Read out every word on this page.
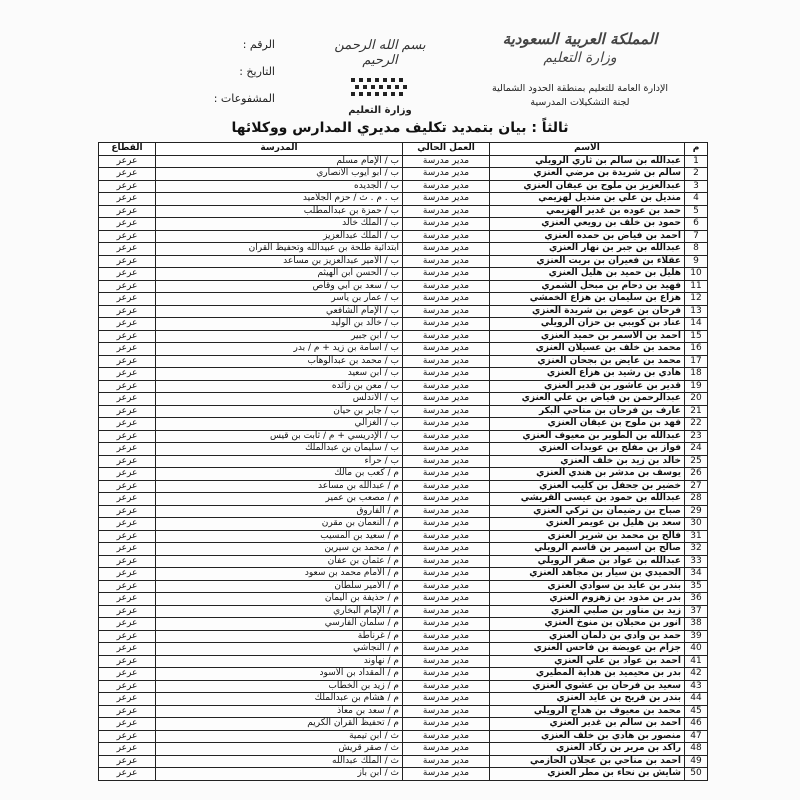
المملكة العربية السعودية
وزارة التعليم
الإدارة العامة للتعليم بمنطقة الحدود الشمالية
لجنة التشكيلات المدرسية
بسم الله الرحمن الرحيم
وزارة التعليم
الرقم :
التاريخ :
المشفوعات :
ثالثاً : بيان بتمديد تكليف مديري المدارس ووكلائها
م	الاسم	العمل الحالي	المدرسة	القطاع
1	عبدالله بن سالم بن ثاري الرويلي	مدير مدرسة	ب / الإمام مسلم	عرعر
2	سالم بن شريدة بن مرضي العنزي	مدير مدرسة	ب / أبو أيوب الأنصاري	عرعر
3	عبدالعزيز بن ملوح بن عيفان العنزي	مدير مدرسة	ب / الجديده	عرعر
4	منديل بن علي بن منديل لهزيمي	مدير مدرسة	ب . م . ث / حزم الجلاميد	عرعر
5	حمد بن عوده بن غدير الهزيمي	مدير مدرسة	ب / حمزة بن عبدالمطلب	عرعر
6	حمود بن خلف بن رويعي العنزي	مدير مدرسة	ب / الملك خالد	عرعر
7	أحمد بن فياض بن حمده العنزي	مدير مدرسة	ب / الملك عبدالعزيز	عرعر
8	عبدالله بن جبر بن نهار العنزي	مدير مدرسة	ابتدائية طلحة بن عبيدالله وتحفيظ القرآن	عرعر
9	عقلاء بن فعيران بن بريت العنزي	مدير مدرسة	ب / الأمير عبدالعزيز بن مساعد	عرعر
10	هليل بن حميد بن هليل العنزي	مدير مدرسة	ب / الحسن ابن الهيثم	عرعر
11	فهيد بن دحام بن مبحل الشمري	مدير مدرسة	ب / سعد بن أبي وقاص	عرعر
12	هزاع بن سليمان بن هزاع الخمشي	مدير مدرسة	ب / عمار بن ياسر	عرعر
13	فرحان بن عوض بن شريدة العنزي	مدير مدرسة	ب / الإمام الشافعي	عرعر
14	عناد بن كويبي بن حزان الرويلي	مدير مدرسة	ب / خالد بن الوليد	عرعر
15	أحمد بن الأسمر بن حميد العنزي	مدير مدرسة	ب / ابن جبير	عرعر
16	محمد بن خلف بن عسيلان العنزي	مدير مدرسة	ب / أسامة بن زيد + م / بدر	عرعر
17	محمد بن عايض بن بجحان العنزي	مدير مدرسة	ب / محمد بن عبدالوهاب	عرعر
18	هادي بن رشيد بن هزاع العنزي	مدير مدرسة	ب / ابن سعيد	عرعر
19	قدير بن عاشور بن قدير العنزي	مدير مدرسة	ب / معن بن زائده	عرعر
20	عبدالرحمن بن فياض بن علي العنزي	مدير مدرسة	ب / الأندلس	عرعر
21	عارف بن فرحان بن مناحي البكر	مدير مدرسة	ب / جابر بن حيان	عرعر
22	فهد بن ملوح بن عيفان العنزي	مدير مدرسة	ب / الغزالي	عرعر
23	عبدالله بن الطوير بن معيوف العنزي	مدير مدرسة	ب / الإدريسي + م / ثابت بن قيس	عرعر
24	فواز بن مفلح بن عويدات العنزي	مدير مدرسة	ب / سليمان بن عبدالملك	عرعر
25	خالد بن زيد بن خلف العنزي	مدير مدرسة	ب / حراء	عرعر
26	يوسف بن مدشر بن هندي العنزي	مدير مدرسة	م / كعب بن مالك	عرعر
27	خضير بن جحفل بن كليب العنزي	مدير مدرسة	م / عبدالله بن مساعد	عرعر
28	عبدالله بن حمود بن عيسى القريشي	مدير مدرسة	م / مصعب بن عمير	عرعر
29	صباح بن رضيمان بن تركي العنزي	مدير مدرسة	م / الفاروق	عرعر
30	سعد بن هليل بن عويمر العنزي	مدير مدرسة	م / النعمان بن مقرن	عرعر
31	فالح بن محمد بن شرير العنزي	مدير مدرسة	م / سعيد بن المسيب	عرعر
32	صالح بن أسيمر بن قاسم الرويلي	مدير مدرسة	م / محمد بن سيرين	عرعر
33	عبدالله بن عواد بن صقر الرويلي	مدير مدرسة	م / عثمان بن عفان	عرعر
34	الحميدي بن سيار بن مجاهد العنزي	مدير مدرسة	م / الأمام محمد بن سعود	عرعر
35	بندر بن عايد بن سوادي العنزي	مدير مدرسة	م / الأمير سلطان	عرعر
36	بدر بن مذود بن زهزوم العنزي	مدير مدرسة	م / حذيفة بن اليمان	عرعر
37	زيد بن مناور بن صلبي العنزي	مدير مدرسة	م / الإمام البخاري	عرعر
38	انور بن محيلان بن منوخ العنزي	مدير مدرسة	م / سلمان الفارسي	عرعر
39	حمد بن وادي بن دلمان العنزي	مدير مدرسة	م / غرناطة	عرعر
40	جزام بن عويضة بن فاحس العنزي	مدير مدرسة	م / النجاشي	عرعر
41	أحمد بن عواد بن علي العنزي	مدير مدرسة	م / نهاوند	عرعر
42	بدر بن محيميد بن هداية المطيري	مدير مدرسة	م / المقداد بن الأسود	عرعر
43	سعيد بن فرحان بن عشوي العنزي	مدير مدرسة	م / زيد بن الخطاب	عرعر
44	بندر بن فريح بن عايد العنزي	مدير مدرسة	م / هشام بن عبدالملك	عرعر
45	محمد بن معيوف بن هداج الرويلي	مدير مدرسة	م / سعد بن معاذ	عرعر
46	أحمد بن سالم بن غدير العنزي	مدير مدرسة	م / تحفيظ القران الكريم	عرعر
47	منصور بن هادي بن خلف العنزي	مدير مدرسة	ث / ابن تيمية	عرعر
48	راكد بن مرير بن ركاد العنزي	مدير مدرسة	ث / صقر قريش	عرعر
49	أحمد بن مناحي بن عجلان الحازمي	مدير مدرسة	ث / الملك عبدالله	عرعر
50	شايش بن نحاء بن مطر العنزي	مدير مدرسة	ث / ابن باز	عرعر
